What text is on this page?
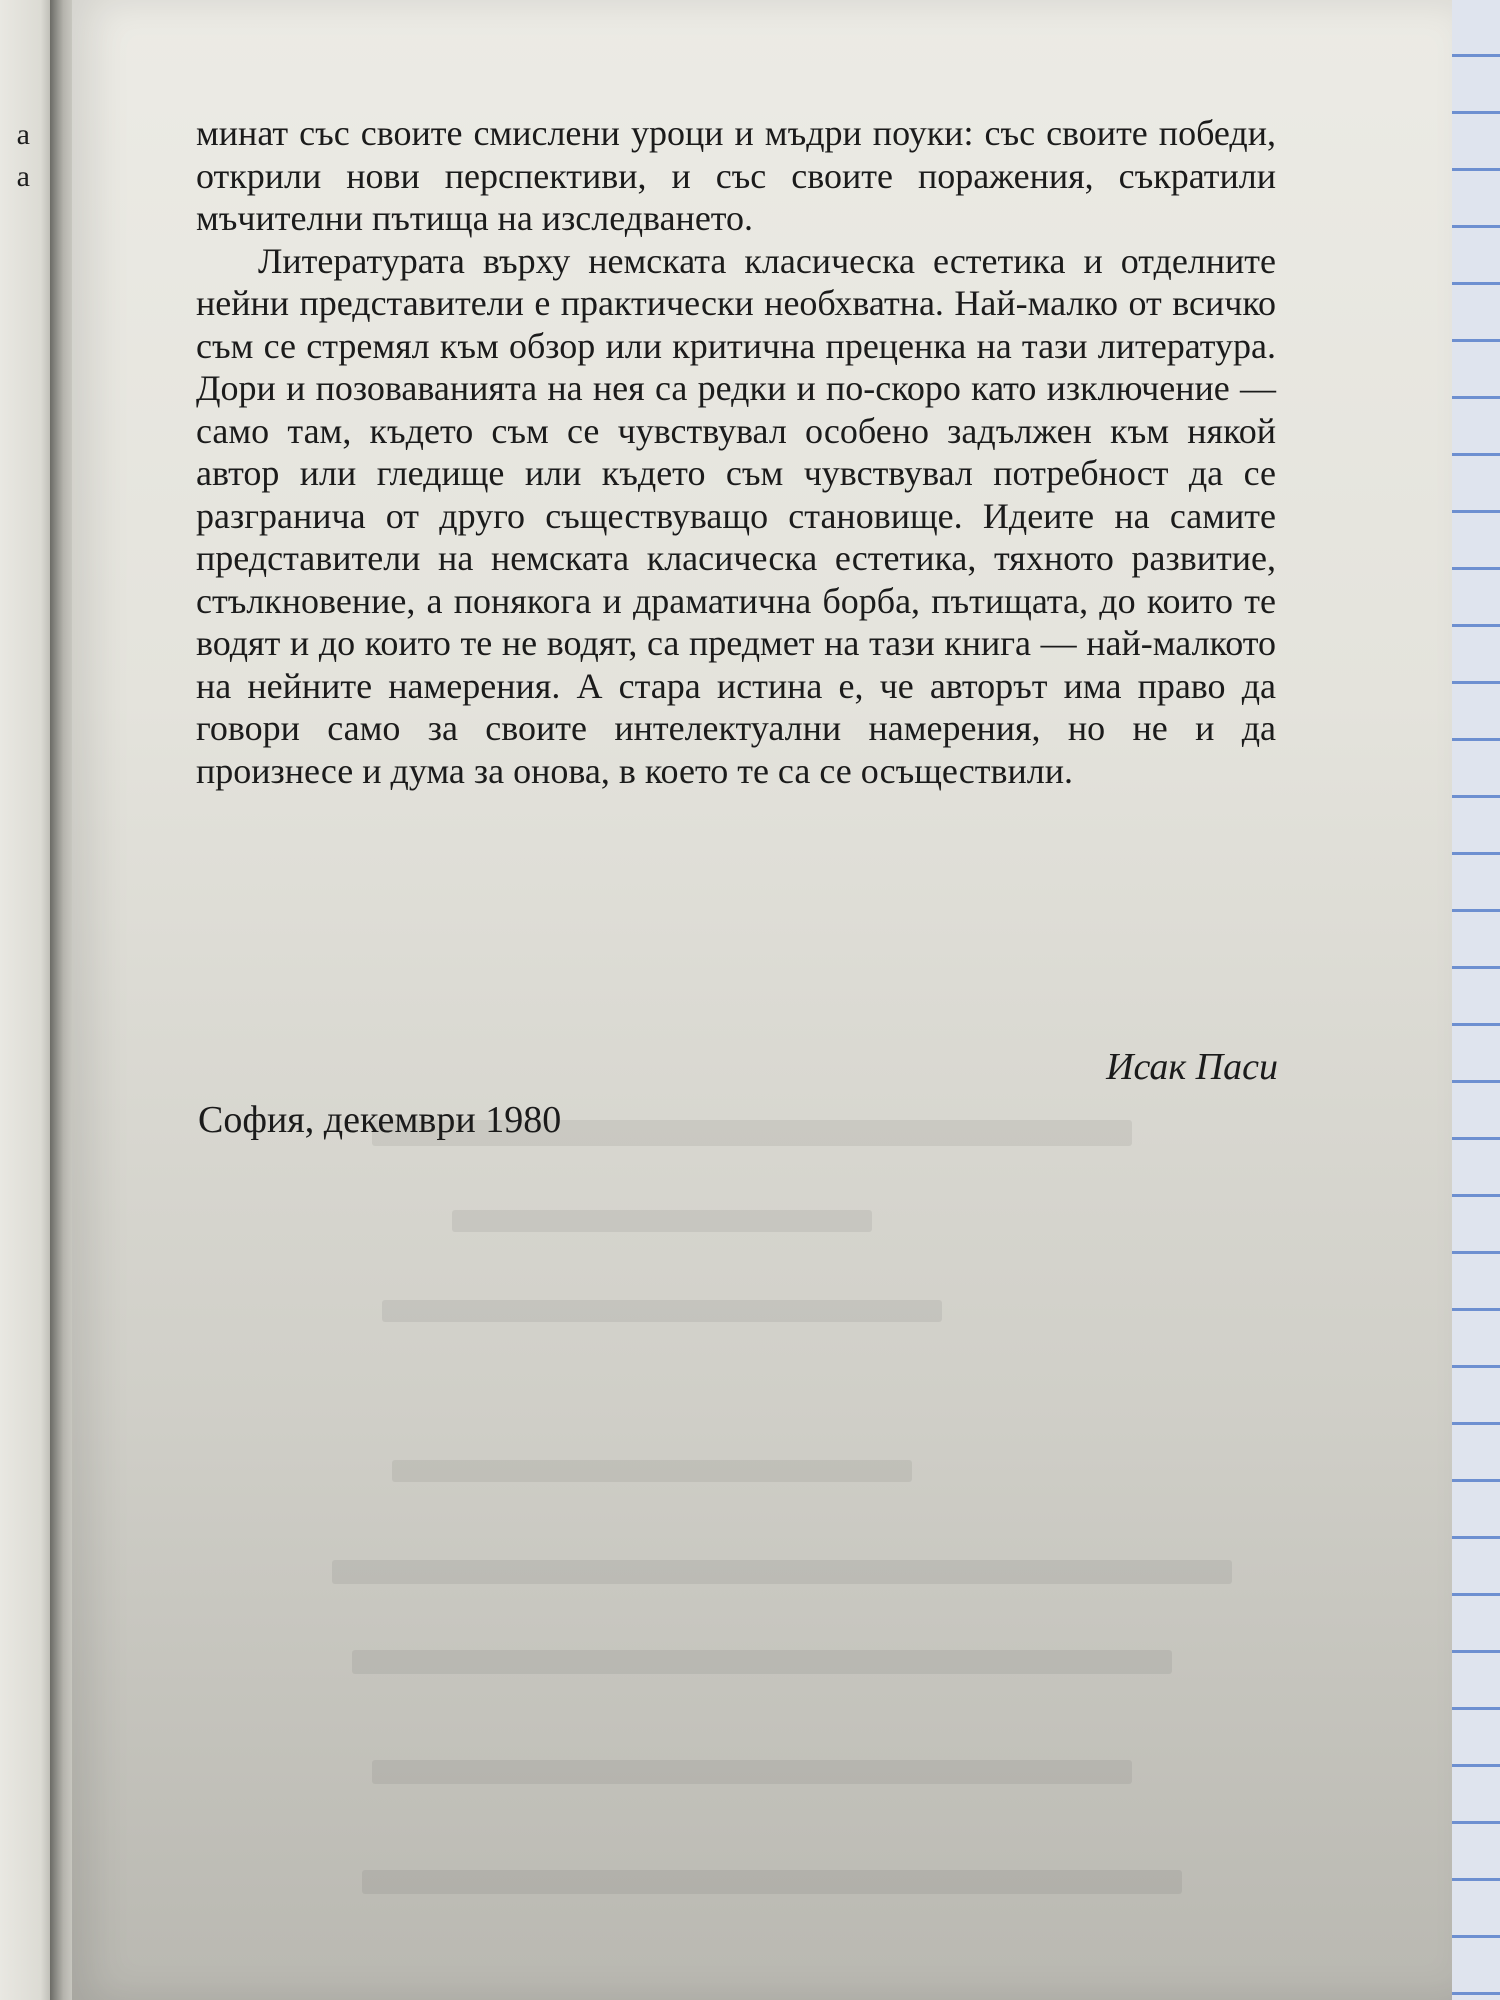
а
а

минат със своите смислени уроци и мъдри поуки: със своите победи, открили нови перспективи, и със своите поражения, съкратили мъчителни пътища на изследването.

Литературата върху немската класическа естетика и отделните нейни представители е практически необхватна. Най-малко от всичко съм се стремял към обзор или критична преценка на тази литература. Дори и позоваванията на нея са редки и по-скоро като изключение — само там, където съм се чувствувал особено задължен към някой автор или гледище или където съм чувствувал потребност да се разгранича от друго съществуващо становище. Идеите на самите представители на немската класическа естетика, тяхното развитие, стълкновение, а понякога и драматична борба, пътищата, до които те водят и до които те не водят, са предмет на тази книга — най-малкото на нейните намерения. А стара истина е, че авторът има право да говори само за своите интелектуални намерения, но не и да произнесе и дума за онова, в което те са се осъществили.

Исак Паси
София, декември 1980
